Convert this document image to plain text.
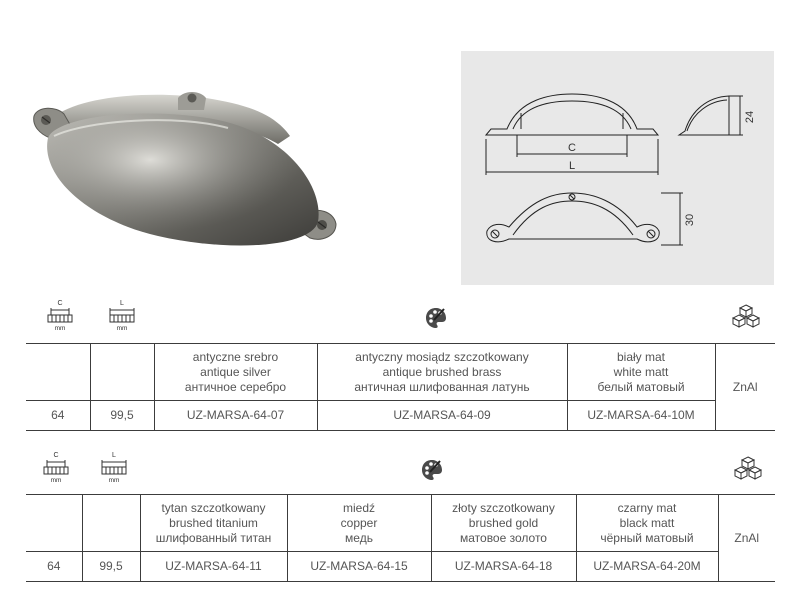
C
L
24
30
C
mm
L
mm

		antyczne srebro
antique silver
античное серебро	antyczny mosiądz szczotkowany
antique brushed brass
античная шлифованная латунь	biały mat
white matt
белый матовый	ZnAl
64	99,5	UZ-MARSA-64-07	UZ-MARSA-64-09	UZ-MARSA-64-10M	
C
mm
L
mm

		tytan szczotkowany
brushed titanium
шлифованный титан	miedź
copper
медь	złoty szczotkowany
brushed gold
матовое золото	czarny mat
black matt
чёрный матовый	ZnAl
64	99,5	UZ-MARSA-64-11	UZ-MARSA-64-15	UZ-MARSA-64-18	UZ-MARSA-64-20M	
